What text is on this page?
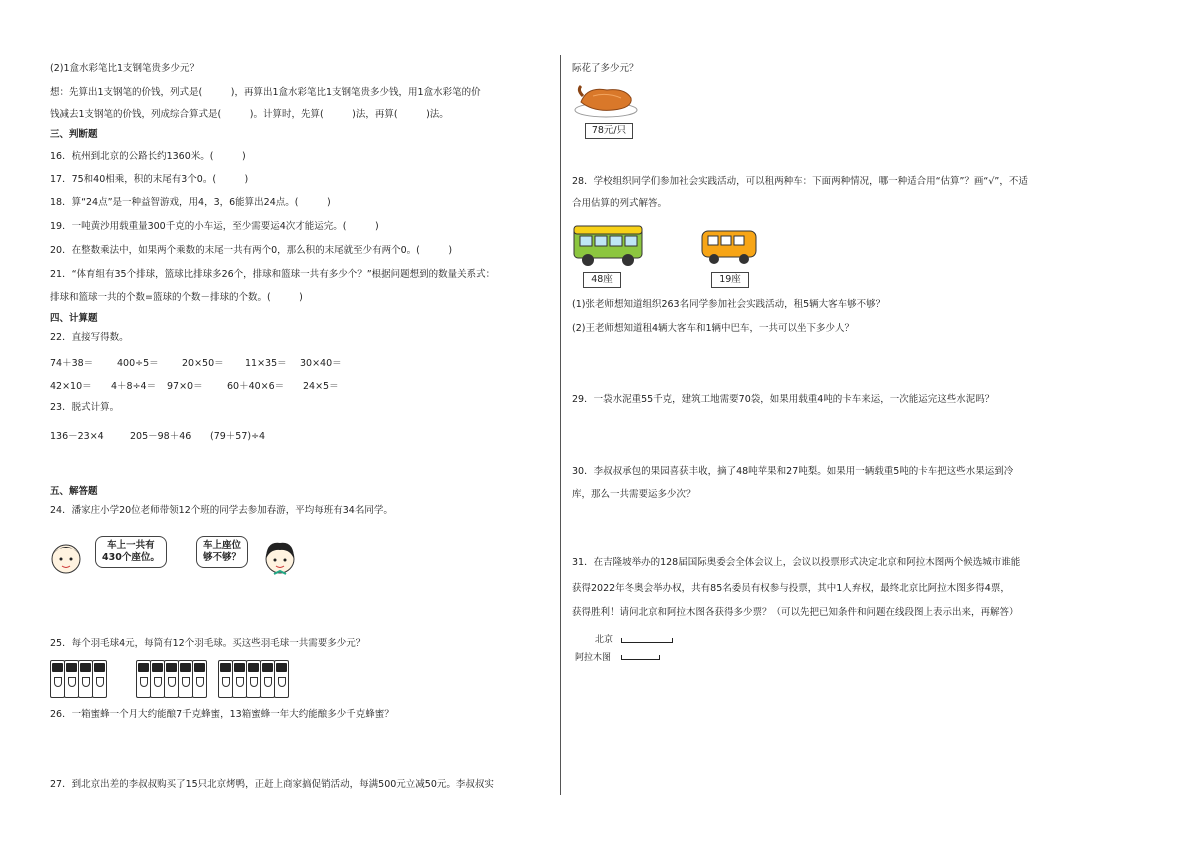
(2)1盒水彩笔比1支钢笔贵多少元？
想：先算出1支钢笔的价钱，列式是(　　　)，再算出1盒水彩笔比1支钢笔贵多少钱，用1盒水彩笔的价
钱减去1支钢笔的价钱，列成综合算式是(　　　)。计算时，先算(　　　)法，再算(　　　)法。
三、判断题
16．杭州到北京的公路长约1360米。(　　　)
17．75和40相乘，积的末尾有3个0。(　　　)
18．算“24点”是一种益智游戏，用4，3，6能算出24点。(　　　)
19．一吨黄沙用载重量300千克的小车运，至少需要运4次才能运完。(　　　)
20．在整数乘法中，如果两个乘数的末尾一共有两个0，那么积的末尾就至少有两个0。(　　　)
21．“体育组有35个排球，篮球比排球多26个，排球和篮球一共有多少个？”根据问题想到的数量关系式：
排球和篮球一共的个数=篮球的个数－排球的个数。(　　　)
四、计算题
22．直接写得数。
74＋38＝	400÷5＝ 20×50＝ 11×35＝ 30×40＝
42×10＝ 4＋8÷4＝ 97×0＝	60＋40×6＝ 24×5＝
23．脱式计算。
136－23×4	205－98＋46 (79＋57)÷4
五、解答题
24．潘家庄小学20位老师带领12个班的同学去参加春游，平均每班有34名同学。
车上一共有
430个座位。
车上座位
够不够？
25．每个羽毛球4元，每筒有12个羽毛球。买这些羽毛球一共需要多少元？
26．一箱蜜蜂一个月大约能酿7千克蜂蜜，13箱蜜蜂一年大约能酿多少千克蜂蜜？
27．到北京出差的李叔叔购买了15只北京烤鸭，正赶上商家搞促销活动，每满500元立减50元。李叔叔实
际花了多少元？
78元/只
28．学校组织同学们参加社会实践活动，可以租两种车：下面两种情况，哪一种适合用“估算”？画“√”，不适
合用估算的列式解答。
48座	19座
(1)张老师想知道组织263名同学参加社会实践活动，租5辆大客车够不够？
(2)王老师想知道租4辆大客车和1辆中巴车，一共可以坐下多少人？
29．一袋水泥重55千克，建筑工地需要70袋，如果用载重4吨的卡车来运，一次能运完这些水泥吗？
30．李叔叔承包的果园喜获丰收，摘了48吨苹果和27吨梨。如果用一辆载重5吨的卡车把这些水果运到冷
库，那么一共需要运多少次？
31．在吉隆坡举办的128届国际奥委会全体会议上，会议以投票形式决定北京和阿拉木图两个候选城市谁能
获得2022年冬奥会举办权，共有85名委员有权参与投票，其中1人弃权，最终北京比阿拉木图多得4票，
获得胜利！请问北京和阿拉木图各获得多少票？（可以先把已知条件和问题在线段图上表示出来，再解答）
北京
阿拉木图
